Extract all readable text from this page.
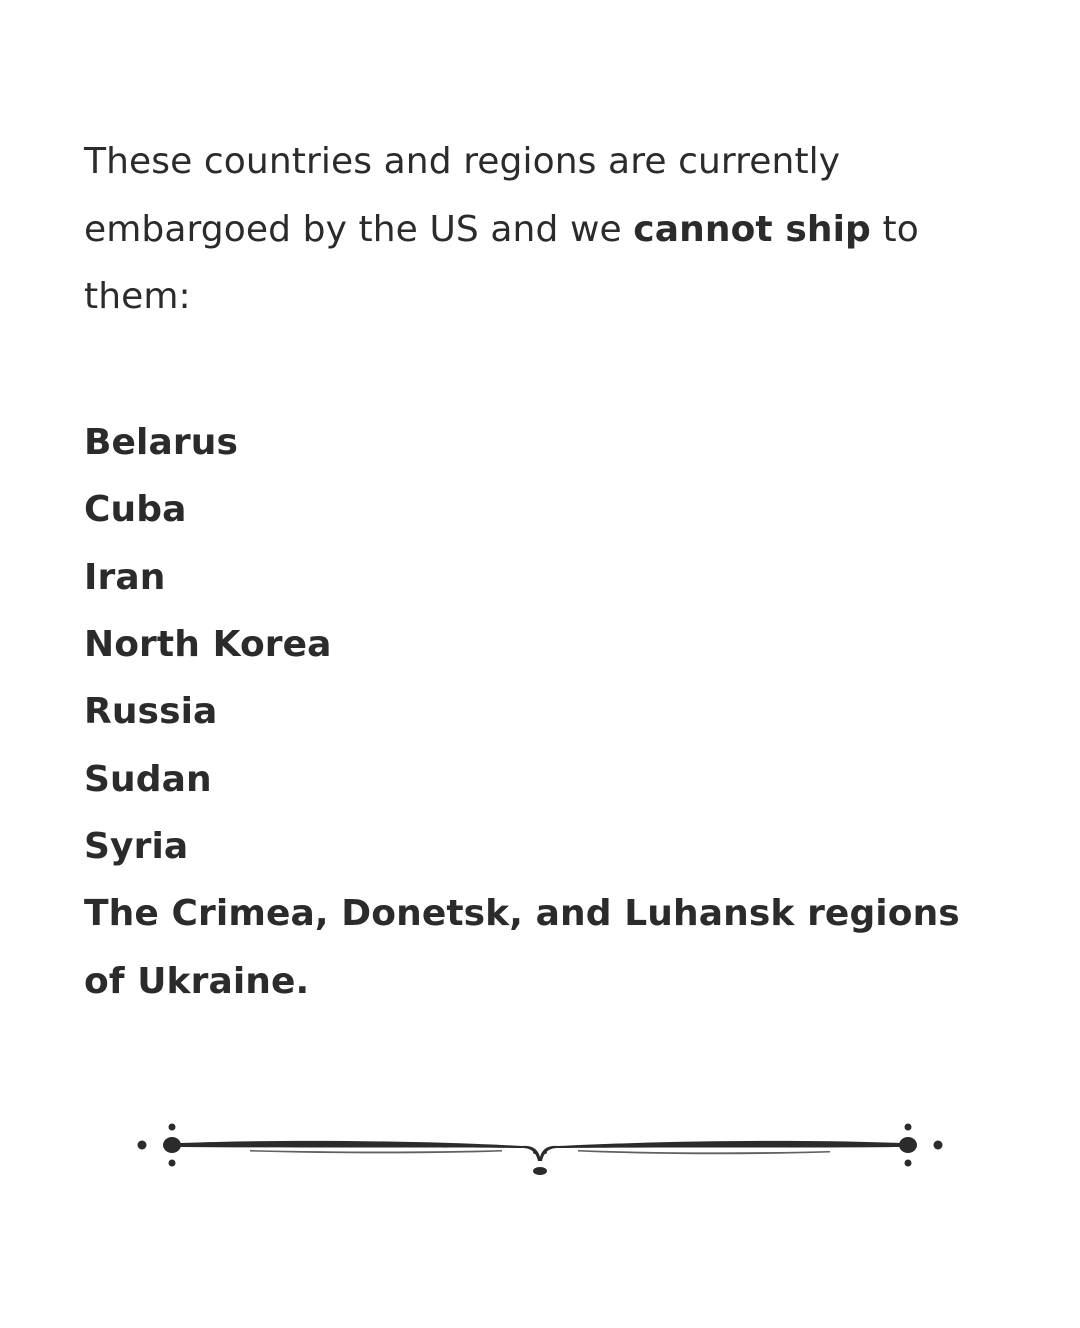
These countries and regions are currently embargoed by the US and we cannot ship to them:

Belarus
Cuba
Iran
North Korea
Russia
Sudan
Syria
The Crimea, Donetsk, and Luhansk regions of Ukraine.
